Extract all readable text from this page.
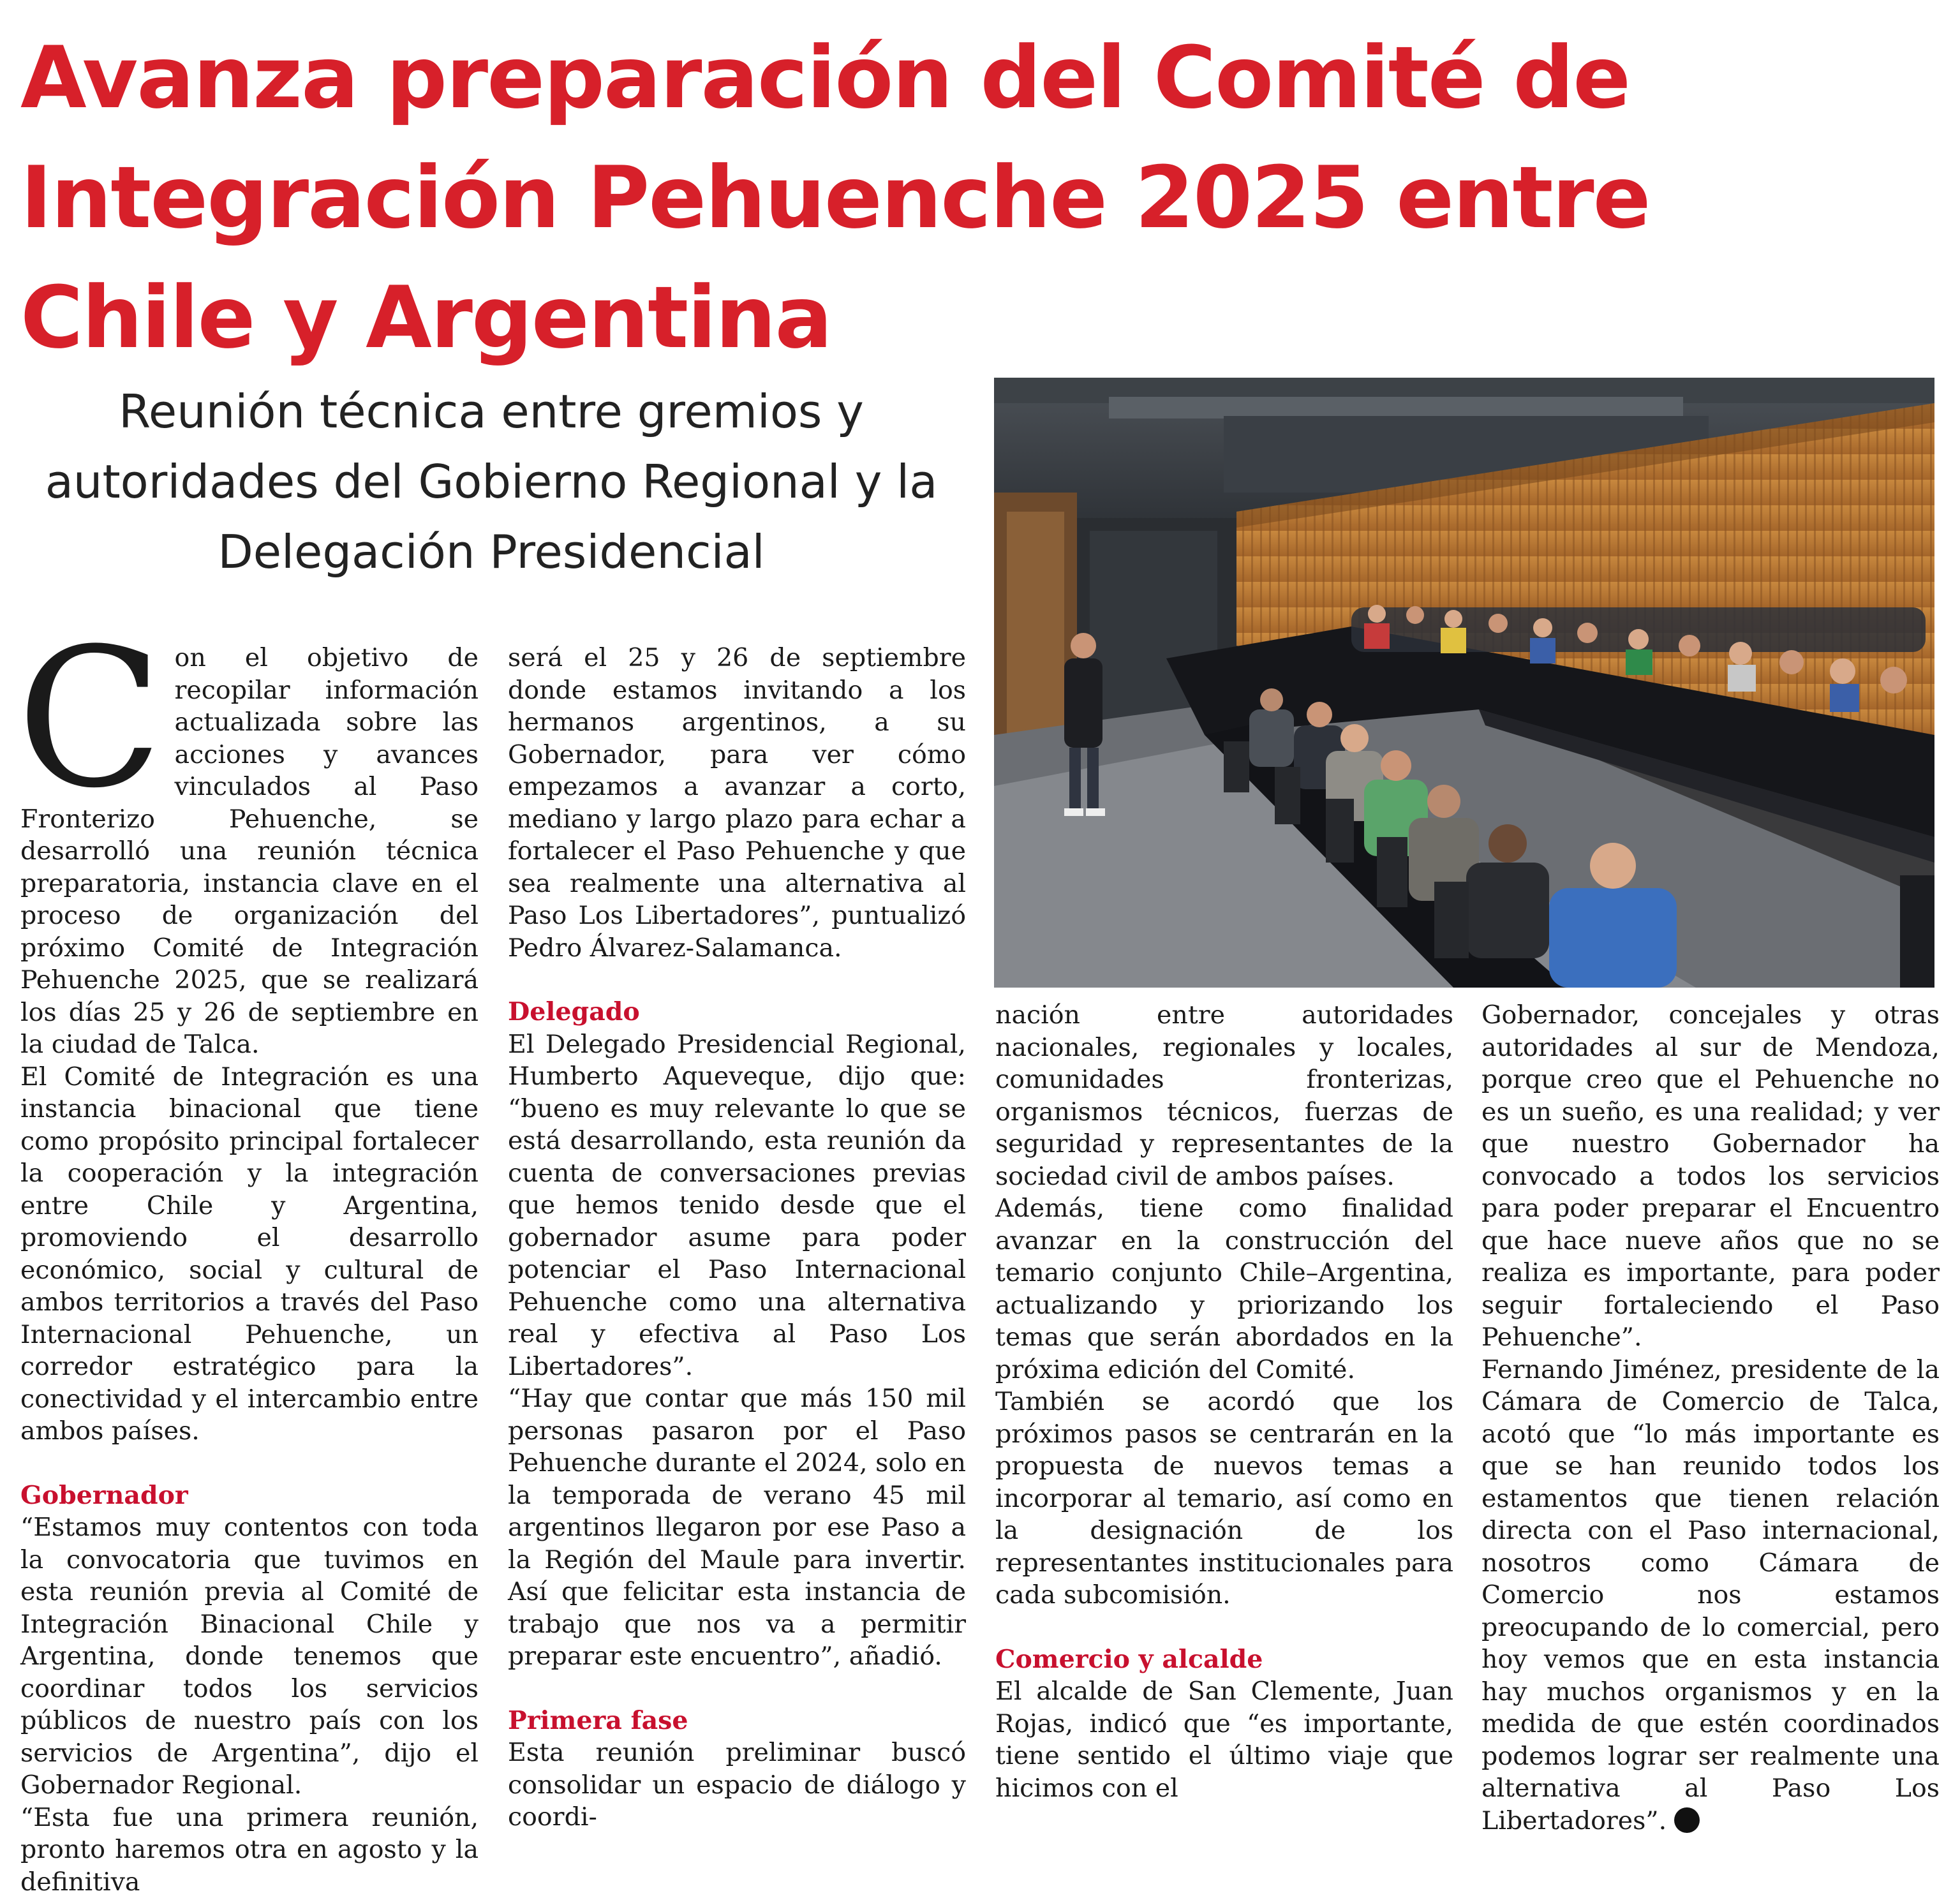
Avanza preparación del Comité de Integración Pehuenche 2025 entre Chile y Argentina
Reunión técnica entre gremios y autoridades del Gobierno Regional y la Delegación Presidencial
C on el objetivo de recopilar información actualizada sobre las acciones y avances vinculados al Paso Fronterizo Pehuenche, se desarrolló una reunión técnica preparatoria, instancia clave en el proceso de organización del próximo Comité de Integración Pehuenche 2025, que se realizará los días 25 y 26 de septiembre en la ciudad de Talca.

El Comité de Integración es una instancia binacional que tiene como propósito principal fortalecer la cooperación y la integración entre Chile y Argentina, promoviendo el desarrollo económico, social y cultural de ambos territorios a través del Paso Internacional Pehuenche, un corredor estratégico para la conectividad y el intercambio entre ambos países.

Gobernador

“Estamos muy contentos con toda la convocatoria que tuvimos en esta reunión previa al Comité de Integración Binacional Chile y Argentina, donde tenemos que coordinar todos los servicios públicos de nuestro país con los servicios de Argentina”, dijo el Gobernador Regional.

“Esta fue una primera reunión, pronto haremos otra en agosto y la definitiva

será el 25 y 26 de septiembre donde estamos invitando a los hermanos argentinos, a su Gobernador, para ver cómo empezamos a avanzar a corto, mediano y largo plazo para echar a fortalecer el Paso Pehuenche y que sea realmente una alternativa al Paso Los Libertadores”, puntualizó Pedro Álvarez-Salamanca.

Delegado

El Delegado Presidencial Regional, Humberto Aqueveque, dijo que: “bueno es muy relevante lo que se está desarrollando, esta reunión da cuenta de conversaciones previas que hemos tenido desde que el gobernador asume para poder potenciar el Paso Internacional Pehuenche como una alternativa real y efectiva al Paso Los Libertadores”.

“Hay que contar que más 150 mil personas pasaron por el Paso Pehuenche durante el 2024, solo en la temporada de verano 45 mil argentinos llegaron por ese Paso a la Región del Maule para invertir. Así que felicitar esta instancia de trabajo que nos va a permitir preparar este encuentro”, añadió.

Primera fase

Esta reunión preliminar buscó consolidar un espacio de diálogo y coordi-

nación entre autoridades nacionales, regionales y locales, comunidades fronterizas, organismos técnicos, fuerzas de seguridad y representantes de la sociedad civil de ambos países.

Además, tiene como finalidad avanzar en la construcción del temario conjunto Chile–Argentina, actualizando y priorizando los temas que serán abordados en la próxima edición del Comité.

También se acordó que los próximos pasos se centrarán en la propuesta de nuevos temas a incorporar al temario, así como en la designación de los representantes institucionales para cada subcomisión.

Comercio y alcalde

El alcalde de San Clemente, Juan Rojas, indicó que “es importante, tiene sentido el último viaje que hicimos con el

Gobernador, concejales y otras autoridades al sur de Mendoza, porque creo que el Pehuenche no es un sueño, es una realidad; y ver que nuestro Gobernador ha convocado a todos los servicios para poder preparar el Encuentro que hace nueve años que no se realiza es importante, para poder seguir fortaleciendo el Paso Pehuenche”.

Fernando Jiménez, presidente de la Cámara de Comercio de Talca, acotó que “lo más importante es que se han reunido todos los estamentos que tienen relación directa con el Paso internacional, nosotros como Cámara de Comercio nos estamos preocupando de lo comercial, pero hoy vemos que en esta instancia hay muchos organismos y en la medida de que estén coordinados podemos lograr ser realmente una alternativa al Paso Los Libertadores”.
